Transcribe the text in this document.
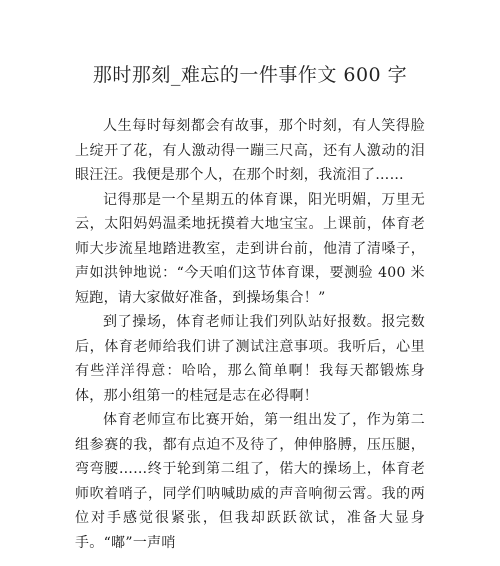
那时那刻_难忘的一件事作文 600 字

人生每时每刻都会有故事，那个时刻，有人笑得脸上绽开了花，有人激动得一蹦三尺高，还有人激动的泪眼汪汪。我便是那个人，在那个时刻，我流泪了……

记得那是一个星期五的体育课，阳光明媚，万里无云，太阳妈妈温柔地抚摸着大地宝宝。上课前，体育老师大步流星地踏进教室，走到讲台前，他清了清嗓子，声如洪钟地说：“今天咱们这节体育课，要测验 400 米短跑，请大家做好准备，到操场集合！”

到了操场，体育老师让我们列队站好报数。报完数后，体育老师给我们讲了测试注意事项。我听后，心里有些洋洋得意：哈哈，那么简单啊！我每天都锻炼身体，那小组第一的桂冠是志在必得啊！

体育老师宣布比赛开始，第一组出发了，作为第二组参赛的我，都有点迫不及待了，伸伸胳膊，压压腿，弯弯腰……终于轮到第二组了，偌大的操场上，体育老师吹着哨子，同学们呐喊助威的声音响彻云霄。我的两位对手感觉很紧张，但我却跃跃欲试，准备大显身手。“嘟”一声哨
